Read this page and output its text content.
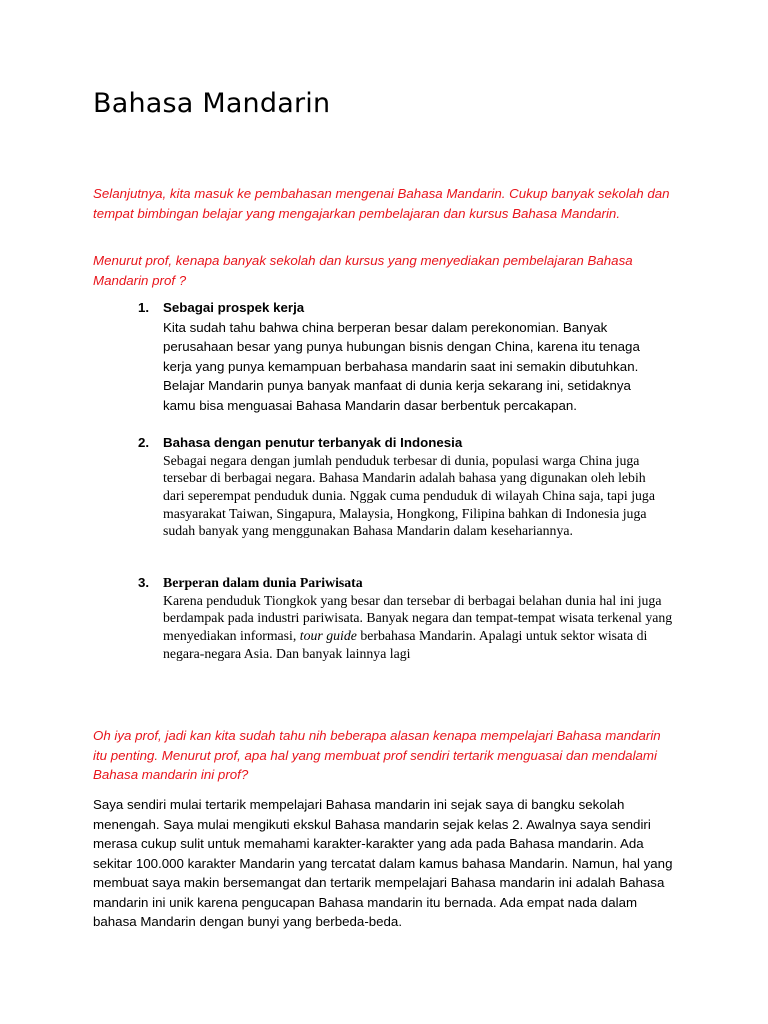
Bahasa Mandarin

Selanjutnya, kita masuk ke pembahasan mengenai Bahasa Mandarin. Cukup banyak sekolah dan tempat bimbingan belajar yang mengajarkan pembelajaran dan kursus Bahasa Mandarin.

Menurut prof, kenapa banyak sekolah dan kursus yang menyediakan pembelajaran Bahasa Mandarin prof ?

1. Sebagai prospek kerja
Kita sudah tahu bahwa china berperan besar dalam perekonomian. Banyak perusahaan besar yang punya hubungan bisnis dengan China, karena itu tenaga kerja yang punya kemampuan berbahasa mandarin saat ini semakin dibutuhkan. Belajar Mandarin punya banyak manfaat di dunia kerja sekarang ini, setidaknya kamu bisa menguasai Bahasa Mandarin dasar berbentuk percakapan.
2. Bahasa dengan penutur terbanyak di Indonesia
Sebagai negara dengan jumlah penduduk terbesar di dunia, populasi warga China juga tersebar di berbagai negara. Bahasa Mandarin adalah bahasa yang digunakan oleh lebih dari seperempat penduduk dunia. Nggak cuma penduduk di wilayah China saja, tapi juga masyarakat Taiwan, Singapura, Malaysia, Hongkong, Filipina bahkan di Indonesia juga sudah banyak yang menggunakan Bahasa Mandarin dalam kesehariannya.
3. Berperan dalam dunia Pariwisata
Karena penduduk Tiongkok yang besar dan tersebar di berbagai belahan dunia hal ini juga berdampak pada industri pariwisata. Banyak negara dan tempat-tempat wisata terkenal yang menyediakan informasi, tour guide berbahasa Mandarin. Apalagi untuk sektor wisata di negara-negara Asia. Dan banyak lainnya lagi

Oh iya prof, jadi kan kita sudah tahu nih beberapa alasan kenapa mempelajari Bahasa mandarin itu penting. Menurut prof, apa hal yang membuat prof sendiri tertarik menguasai dan mendalami Bahasa mandarin ini prof?

Saya sendiri mulai tertarik mempelajari Bahasa mandarin ini sejak saya di bangku sekolah menengah. Saya mulai mengikuti ekskul Bahasa mandarin sejak kelas 2. Awalnya saya sendiri merasa cukup sulit untuk memahami karakter-karakter yang ada pada Bahasa mandarin. Ada sekitar 100.000 karakter Mandarin yang tercatat dalam kamus bahasa Mandarin. Namun, hal yang membuat saya makin bersemangat dan tertarik mempelajari Bahasa mandarin ini adalah Bahasa mandarin ini unik karena pengucapan Bahasa mandarin itu bernada. Ada empat nada dalam bahasa Mandarin dengan bunyi yang berbeda-beda.
